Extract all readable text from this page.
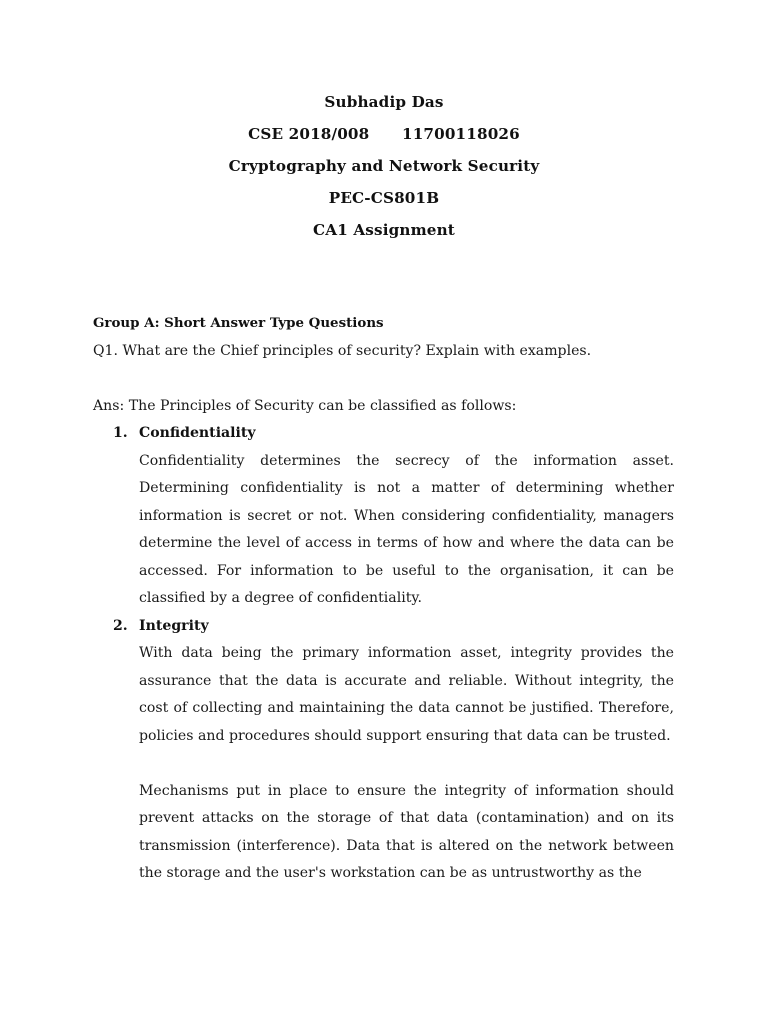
Subhadip Das
CSE 2018/008      11700118026
Cryptography and Network Security
PEC-CS801B
CA1 Assignment

Group A: Short Answer Type Questions

Q1. What are the Chief principles of security? Explain with examples.

Ans: The Principles of Security can be classified as follows:

1. Confidentiality

Confidentiality determines the secrecy of the information asset. Determining confidentiality is not a matter of determining whether information is secret or not. When considering confidentiality, managers determine the level of access in terms of how and where the data can be accessed. For information to be useful to the organisation, it can be classified by a degree of confidentiality.

2. Integrity

With data being the primary information asset, integrity provides the assurance that the data is accurate and reliable. Without integrity, the cost of collecting and maintaining the data cannot be justified. Therefore, policies and procedures should support ensuring that data can be trusted.

Mechanisms put in place to ensure the integrity of information should prevent attacks on the storage of that data (contamination) and on its transmission (interference). Data that is altered on the network between the storage and the user's workstation can be as untrustworthy as the
